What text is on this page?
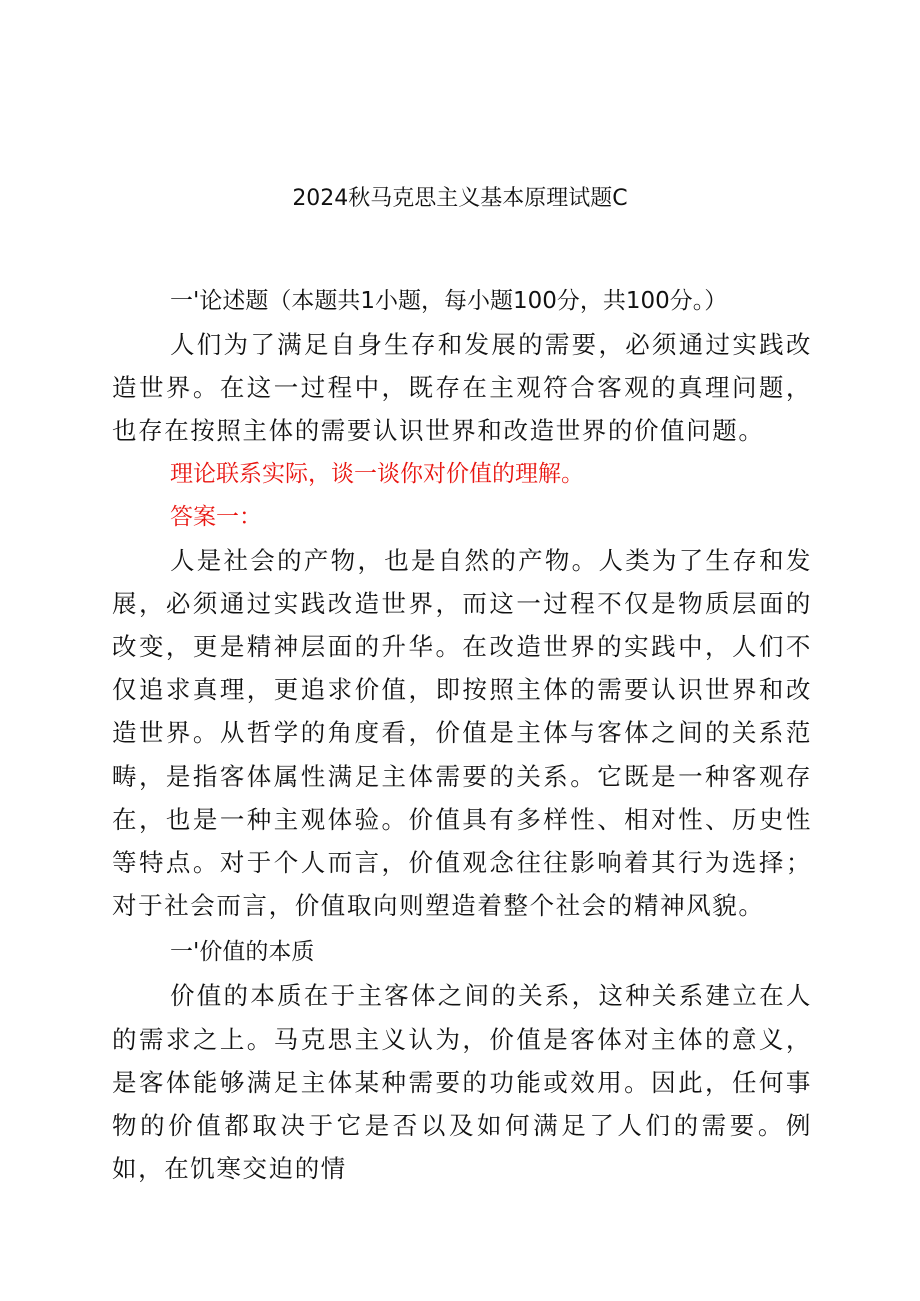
2024秋马克思主义基本原理试题C

一'论述题（本题共1小题，每小题100分，共100分。）

人们为了满足自身生存和发展的需要，必须通过实践改造世界。在这一过程中，既存在主观符合客观的真理问题，也存在按照主体的需要认识世界和改造世界的价值问题。

理论联系实际，谈一谈你对价值的理解。

答案一：

人是社会的产物，也是自然的产物。人类为了生存和发展，必须通过实践改造世界，而这一过程不仅是物质层面的改变，更是精神层面的升华。在改造世界的实践中，人们不仅追求真理，更追求价值，即按照主体的需要认识世界和改造世界。从哲学的角度看，价值是主体与客体之间的关系范畴，是指客体属性满足主体需要的关系。它既是一种客观存在，也是一种主观体验。价值具有多样性、相对性、历史性等特点。对于个人而言，价值观念往往影响着其行为选择；对于社会而言，价值取向则塑造着整个社会的精神风貌。

一'价值的本质

价值的本质在于主客体之间的关系，这种关系建立在人的需求之上。马克思主义认为，价值是客体对主体的意义，是客体能够满足主体某种需要的功能或效用。因此，任何事物的价值都取决于它是否以及如何满足了人们的需要。例如，在饥寒交迫的情
